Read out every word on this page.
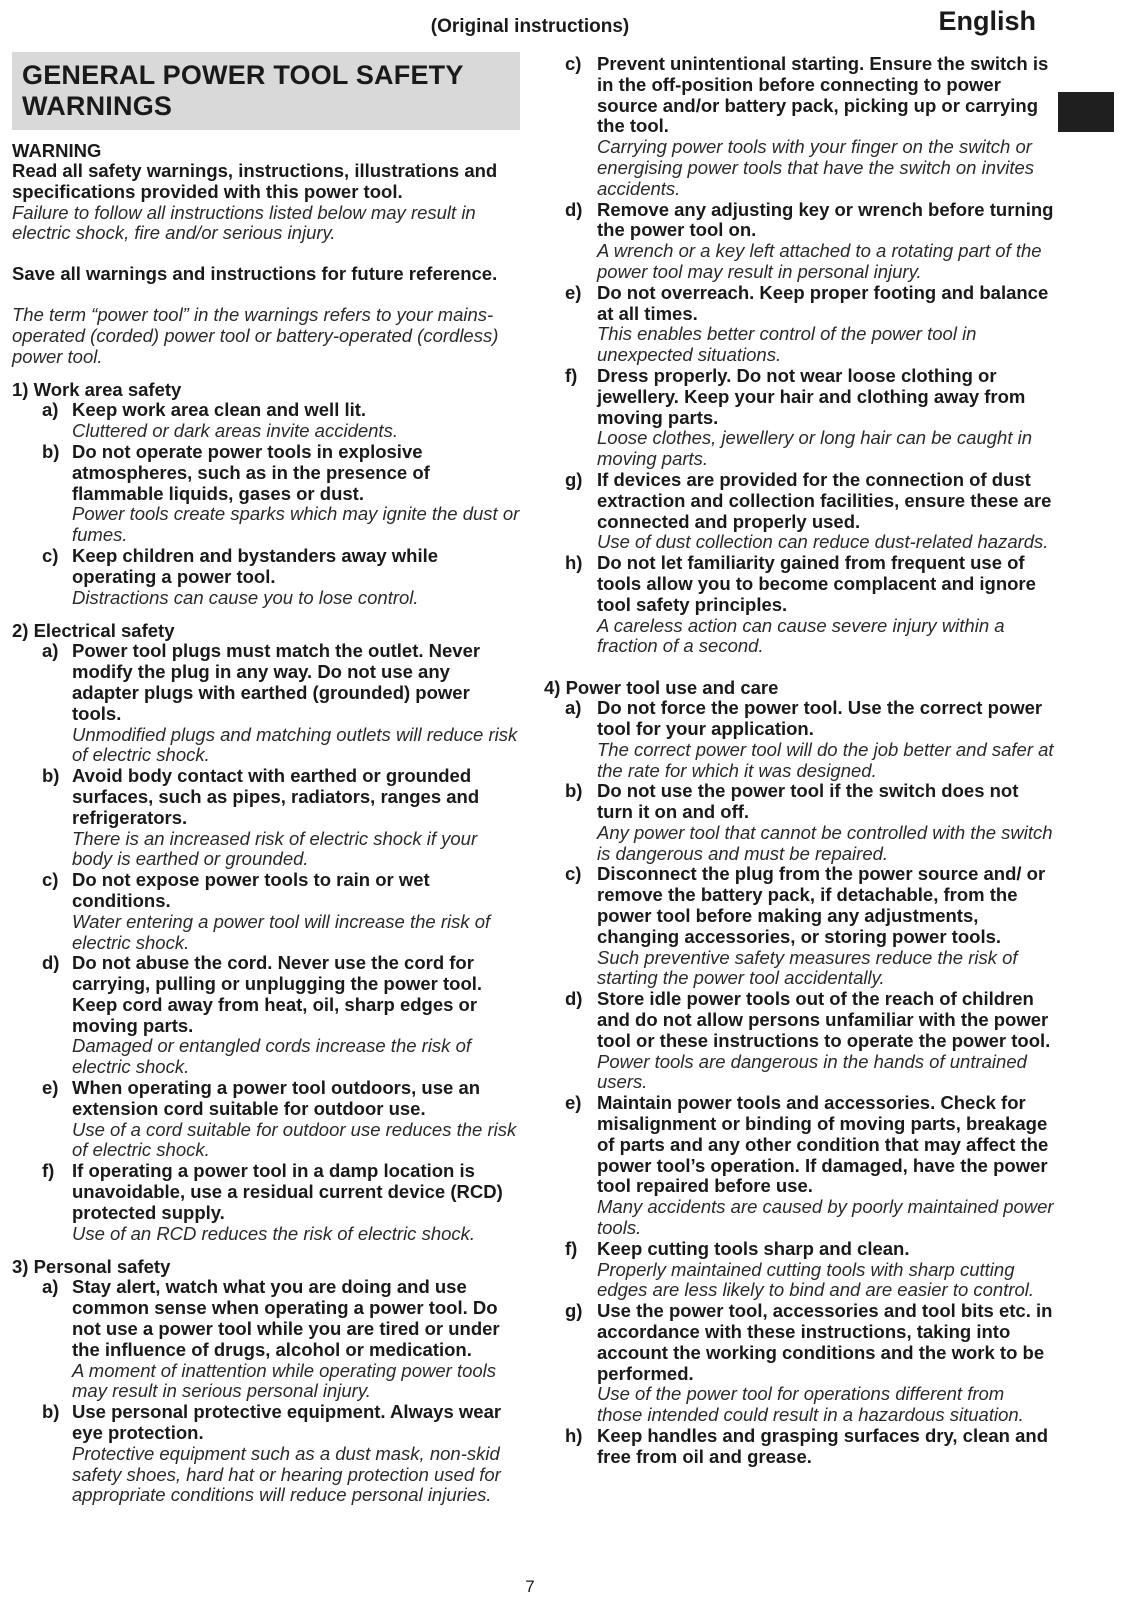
(Original instructions)	English
GENERAL POWER TOOL SAFETY WARNINGS
WARNING

Read all safety warnings, instructions, illustrations and specifications provided with this power tool.

Failure to follow all instructions listed below may result in electric shock, fire and/or serious injury.

Save all warnings and instructions for future reference.

The term “power tool” in the warnings refers to your mains-operated (corded) power tool or battery-operated (cordless) power tool.

1) Work area safety

a) Keep work area clean and well lit.
Cluttered or dark areas invite accidents.
b) Do not operate power tools in explosive atmospheres, such as in the presence of flammable liquids, gases or dust.
Power tools create sparks which may ignite the dust or fumes.
c) Keep children and bystanders away while operating a power tool.
Distractions can cause you to lose control.

2) Electrical safety

a) Power tool plugs must match the outlet. Never modify the plug in any way. Do not use any adapter plugs with earthed (grounded) power tools.
Unmodified plugs and matching outlets will reduce risk of electric shock.
b) Avoid body contact with earthed or grounded surfaces, such as pipes, radiators, ranges and refrigerators.
There is an increased risk of electric shock if your body is earthed or grounded.
c) Do not expose power tools to rain or wet conditions.
Water entering a power tool will increase the risk of electric shock.
d) Do not abuse the cord. Never use the cord for carrying, pulling or unplugging the power tool. Keep cord away from heat, oil, sharp edges or moving parts.
Damaged or entangled cords increase the risk of electric shock.
e) When operating a power tool outdoors, use an extension cord suitable for outdoor use.
Use of a cord suitable for outdoor use reduces the risk of electric shock.
f) If operating a power tool in a damp location is unavoidable, use a residual current device (RCD) protected supply.
Use of an RCD reduces the risk of electric shock.

3) Personal safety

a) Stay alert, watch what you are doing and use common sense when operating a power tool. Do not use a power tool while you are tired or under the influence of drugs, alcohol or medication.
A moment of inattention while operating power tools may result in serious personal injury.
b) Use personal protective equipment. Always wear eye protection.
Protective equipment such as a dust mask, non-skid safety shoes, hard hat or hearing protection used for appropriate conditions will reduce personal injuries.
c) Prevent unintentional starting. Ensure the switch is in the off-position before connecting to power source and/or battery pack, picking up or carrying the tool.
Carrying power tools with your finger on the switch or energising power tools that have the switch on invites accidents.
d) Remove any adjusting key or wrench before turning the power tool on.
A wrench or a key left attached to a rotating part of the power tool may result in personal injury.
e) Do not overreach. Keep proper footing and balance at all times.
This enables better control of the power tool in unexpected situations.
f) Dress properly. Do not wear loose clothing or jewellery. Keep your hair and clothing away from moving parts.
Loose clothes, jewellery or long hair can be caught in moving parts.
g) If devices are provided for the connection of dust extraction and collection facilities, ensure these are connected and properly used.
Use of dust collection can reduce dust-related hazards.
h) Do not let familiarity gained from frequent use of tools allow you to become complacent and ignore tool safety principles.
A careless action can cause severe injury within a fraction of a second.

4) Power tool use and care

a) Do not force the power tool. Use the correct power tool for your application.
The correct power tool will do the job better and safer at the rate for which it was designed.
b) Do not use the power tool if the switch does not turn it on and off.
Any power tool that cannot be controlled with the switch is dangerous and must be repaired.
c) Disconnect the plug from the power source and/ or remove the battery pack, if detachable, from the power tool before making any adjustments, changing accessories, or storing power tools.
Such preventive safety measures reduce the risk of starting the power tool accidentally.
d) Store idle power tools out of the reach of children and do not allow persons unfamiliar with the power tool or these instructions to operate the power tool.
Power tools are dangerous in the hands of untrained users.
e) Maintain power tools and accessories. Check for misalignment or binding of moving parts, breakage of parts and any other condition that may affect the power tool’s operation. If damaged, have the power tool repaired before use.
Many accidents are caused by poorly maintained power tools.
f) Keep cutting tools sharp and clean.
Properly maintained cutting tools with sharp cutting edges are less likely to bind and are easier to control.
g) Use the power tool, accessories and tool bits etc. in accordance with these instructions, taking into account the working conditions and the work to be performed.
Use of the power tool for operations different from those intended could result in a hazardous situation.
h) Keep handles and grasping surfaces dry, clean and free from oil and grease.
7
